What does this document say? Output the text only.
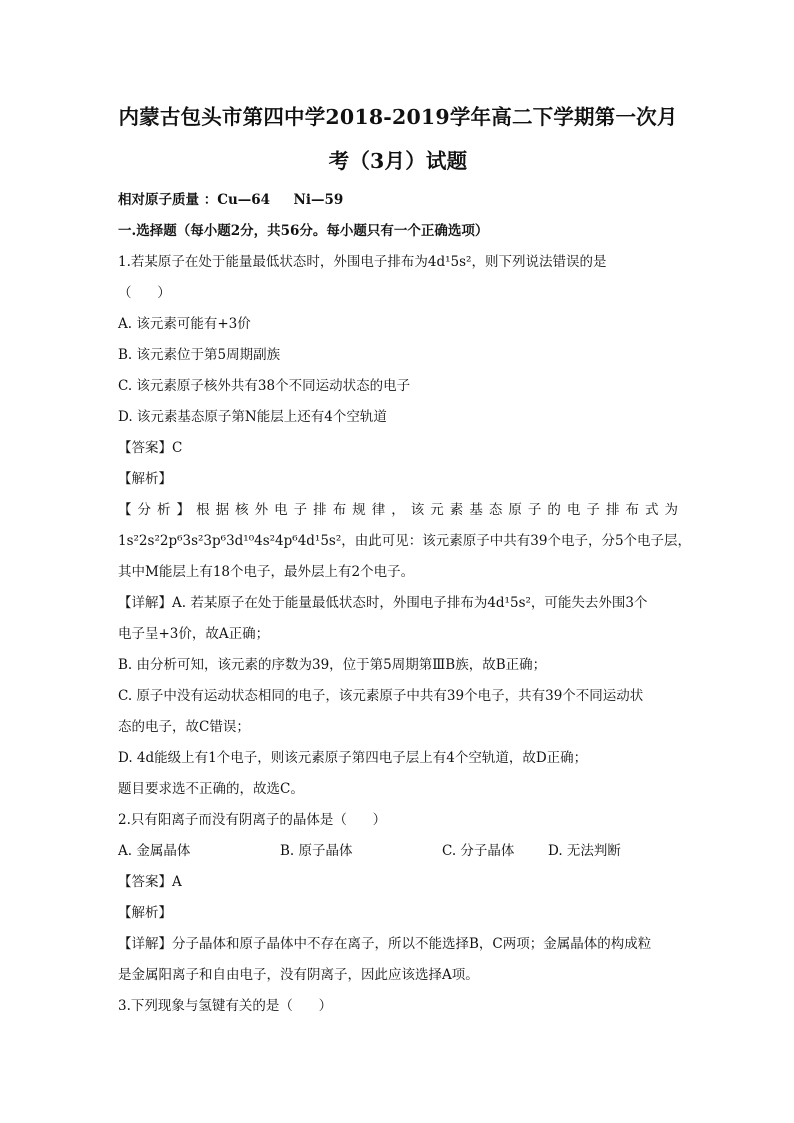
内蒙古包头市第四中学2018-2019学年高二下学期第一次月
考（3月）试题
相对原子质量 ：Cu—64     Ni—59
一.选择题（每小题2分，共56分。每小题只有一个正确选项）
1.若某原子在处于能量最低状态时，外围电子排布为4d¹5s²，则下列说法错误的是
（      ）
A. 该元素可能有+3价
B. 该元素位于第5周期副族
C. 该元素原子核外共有38个不同运动状态的电子
D. 该元素基态原子第N能层上还有4个空轨道
【答案】C
【解析】
【分析】根据核外电子排布规律，该元素基态原子的电子排布式为
1s²2s²2p⁶3s²3p⁶3d¹⁰4s²4p⁶4d¹5s²，由此可见：该元素原子中共有39个电子，分5个电子层，
其中M能层上有18个电子，最外层上有2个电子。
【详解】A. 若某原子在处于能量最低状态时，外围电子排布为4d¹5s²，可能失去外围3个
电子呈+3价，故A正确；
B. 由分析可知，该元素的序数为39，位于第5周期第ⅢB族，故B正确；
C. 原子中没有运动状态相同的电子，该元素原子中共有39个电子，共有39个不同运动状
态的电子，故C错误；
D. 4d能级上有1个电子，则该元素原子第四电子层上有4个空轨道，故D正确；
题目要求选不正确的，故选C。
2.只有阳离子而没有阴离子的晶体是（      ）
A. 金属晶体	B. 原子晶体	C. 分子晶体 D. 无法判断
【答案】A
【解析】
【详解】分子晶体和原子晶体中不存在离子，所以不能选择B，C两项；金属晶体的构成粒
是金属阳离子和自由电子，没有阴离子，因此应该选择A项。
3.下列现象与氢键有关的是（      ）
